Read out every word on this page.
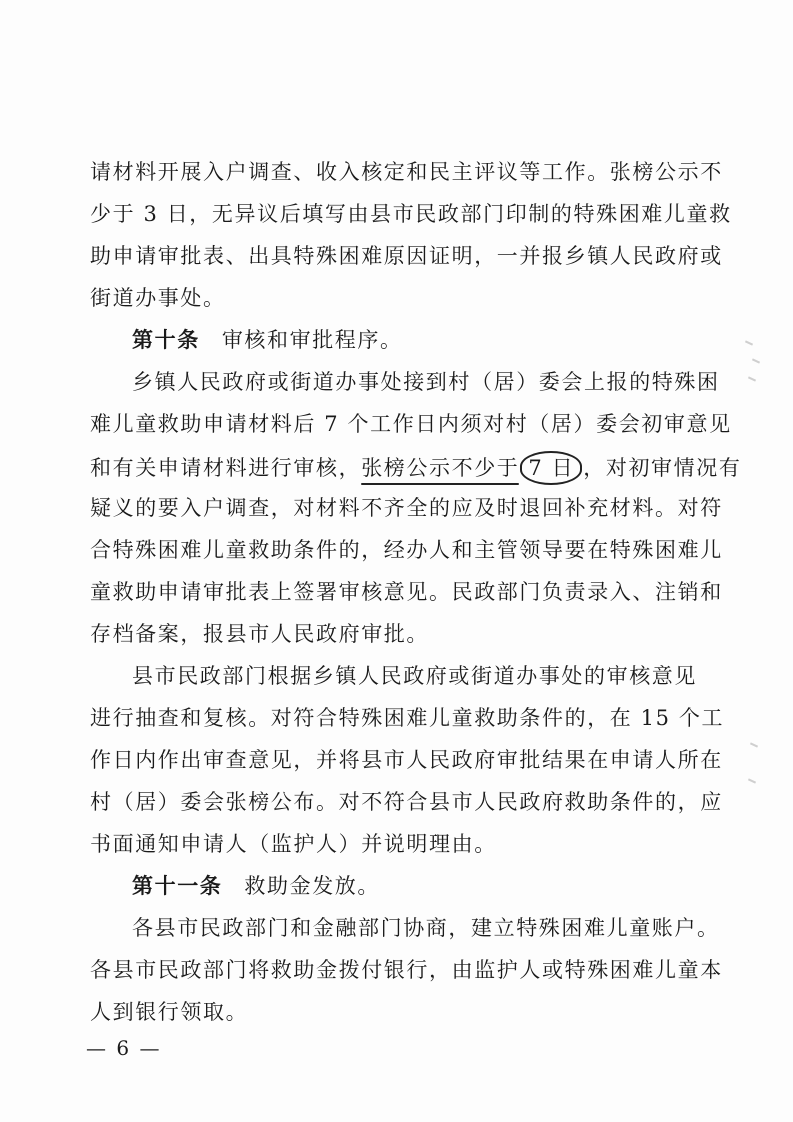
请材料开展入户调查、收入核定和民主评议等工作。张榜公示不
少于 3 日，无异议后填写由县市民政部门印制的特殊困难儿童救
助申请审批表、出具特殊困难原因证明，一并报乡镇人民政府或
街道办事处。
第十条 审核和审批程序。
乡镇人民政府或街道办事处接到村（居）委会上报的特殊困
难儿童救助申请材料后 7 个工作日内须对村（居）委会初审意见
和有关申请材料进行审核，张榜公示不少于 7 日 ，对初审情况有
疑义的要入户调查，对材料不齐全的应及时退回补充材料。对符
合特殊困难儿童救助条件的，经办人和主管领导要在特殊困难儿
童救助申请审批表上签署审核意见。民政部门负责录入、注销和
存档备案，报县市人民政府审批。
县市民政部门根据乡镇人民政府或街道办事处的审核意见
进行抽查和复核。对符合特殊困难儿童救助条件的，在 15 个工
作日内作出审查意见，并将县市人民政府审批结果在申请人所在
村（居）委会张榜公布。对不符合县市人民政府救助条件的，应
书面通知申请人（监护人）并说明理由。
第十一条 救助金发放。
各县市民政部门和金融部门协商，建立特殊困难儿童账户。
— 6 —
各县市民政部门将救助金拨付银行，由监护人或特殊困难儿童本
人到银行领取。
